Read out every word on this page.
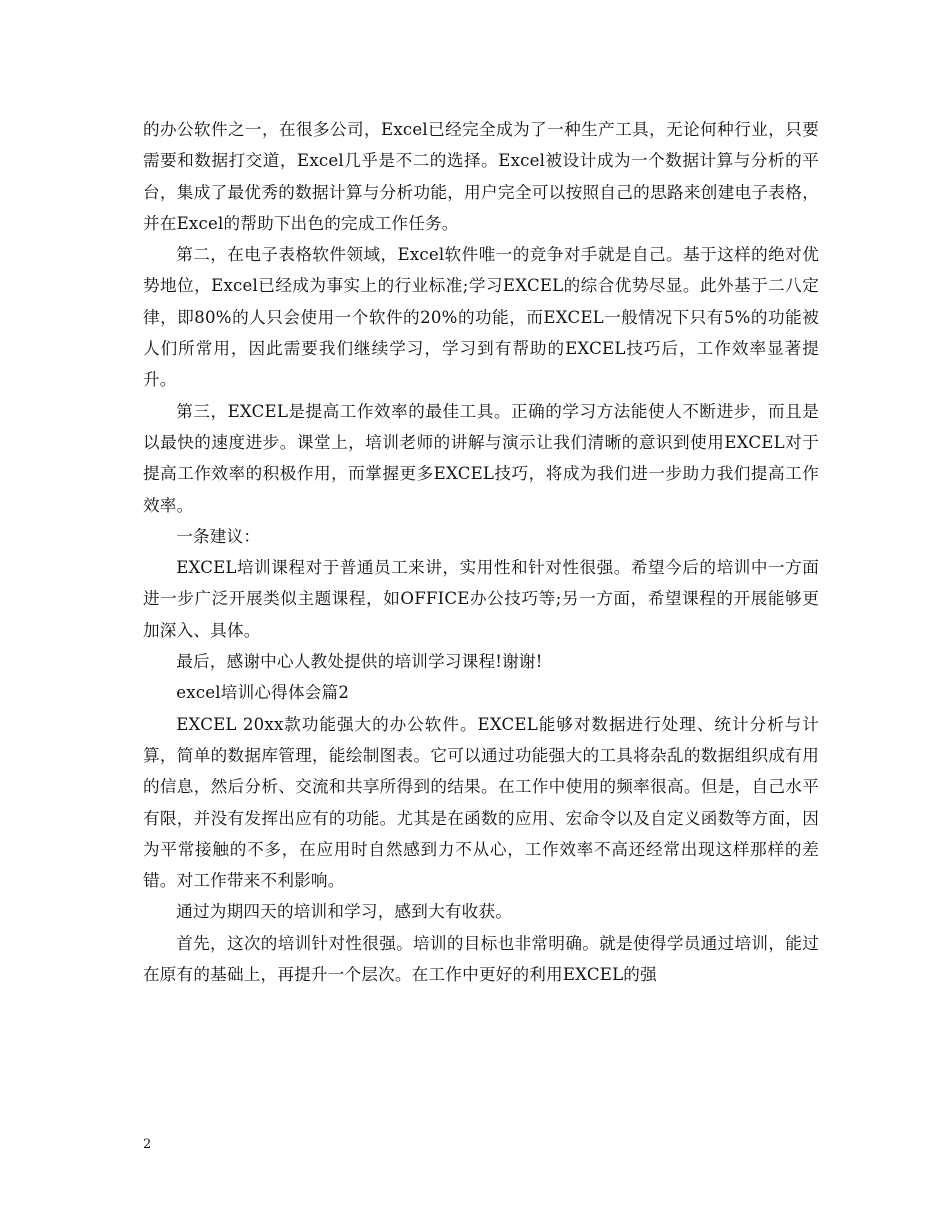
的办公软件之一，在很多公司，Excel已经完全成为了一种生产工具，无论何种行业，只要需要和数据打交道，Excel几乎是不二的选择。Excel被设计成为一个数据计算与分析的平台，集成了最优秀的数据计算与分析功能，用户完全可以按照自己的思路来创建电子表格，并在Excel的帮助下出色的完成工作任务。

第二，在电子表格软件领域，Excel软件唯一的竞争对手就是自己。基于这样的绝对优势地位，Excel已经成为事实上的行业标准;学习EXCEL的综合优势尽显。此外基于二八定律，即80%的人只会使用一个软件的20%的功能，而EXCEL一般情况下只有5%的功能被人们所常用，因此需要我们继续学习，学习到有帮助的EXCEL技巧后，工作效率显著提升。

第三，EXCEL是提高工作效率的最佳工具。正确的学习方法能使人不断进步，而且是以最快的速度进步。课堂上，培训老师的讲解与演示让我们清晰的意识到使用EXCEL对于提高工作效率的积极作用，而掌握更多EXCEL技巧，将成为我们进一步助力我们提高工作效率。

一条建议：

EXCEL培训课程对于普通员工来讲，实用性和针对性很强。希望今后的培训中一方面进一步广泛开展类似主题课程，如OFFICE办公技巧等;另一方面，希望课程的开展能够更加深入、具体。

最后，感谢中心人教处提供的培训学习课程!谢谢!

excel培训心得体会篇2

EXCEL 20xx款功能强大的办公软件。EXCEL能够对数据进行处理、统计分析与计算，简单的数据库管理，能绘制图表。它可以通过功能强大的工具将杂乱的数据组织成有用的信息，然后分析、交流和共享所得到的结果。在工作中使用的频率很高。但是，自己水平有限，并没有发挥出应有的功能。尤其是在函数的应用、宏命令以及自定义函数等方面，因为平常接触的不多，在应用时自然感到力不从心，工作效率不高还经常出现这样那样的差错。对工作带来不利影响。

通过为期四天的培训和学习，感到大有收获。

首先，这次的培训针对性很强。培训的目标也非常明确。就是使得学员通过培训，能过在原有的基础上，再提升一个层次。在工作中更好的利用EXCEL的强

2
